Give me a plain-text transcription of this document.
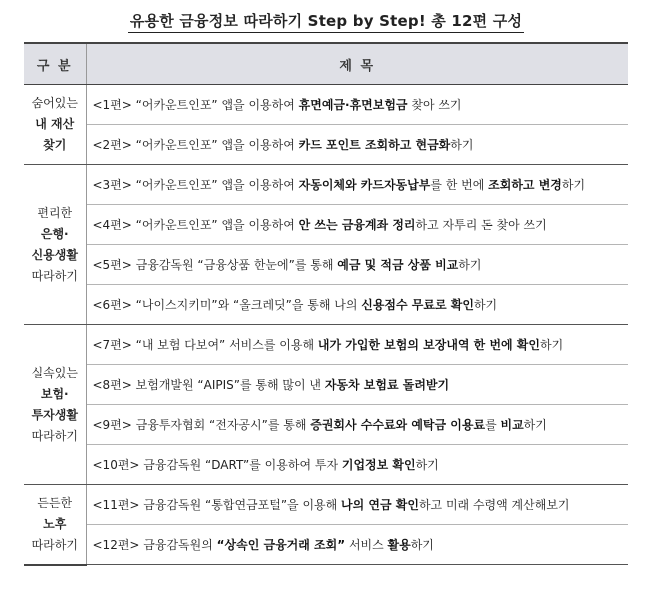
유용한 금융정보 따라하기 Step by Step! 총 12편 구성
구 분	제 목

숨어있는
내 재산
찾기	<1편> “어카운트인포” 앱을 이용하여 휴면예금·휴면보험금 찾아 쓰기
	<2편> “어카운트인포” 앱을 이용하여 카드 포인트 조회하고 현금화하기

편리한
은행·
신용생활
따라하기	<3편> “어카운트인포” 앱을 이용하여 자동이체와 카드자동납부를 한 번에 조회하고 변경하기
	<4편> “어카운트인포” 앱을 이용하여 안 쓰는 금융계좌 정리하고 자투리 돈 찾아 쓰기
	<5편> 금융감독원 “금융상품 한눈에”를 통해 예금 및 적금 상품 비교하기
	<6편> “나이스지키미”와 “올크레딧”을 통해 나의 신용점수 무료로 확인하기

실속있는
보험·
투자생활
따라하기	<7편> “내 보험 다보여” 서비스를 이용해 내가 가입한 보험의 보장내역 한 번에 확인하기
	<8편> 보험개발원 “AIPIS”를 통해 많이 낸 자동차 보험료 돌려받기
	<9편> 금융투자협회 “전자공시”를 통해 증권회사 수수료와 예탁금 이용료를 비교하기
	<10편> 금융감독원 “DART”를 이용하여 투자 기업정보 확인하기

든든한
노후
따라하기	<11편> 금융감독원 “통합연금포털”을 이용해 나의 연금 확인하고 미래 수령액 계산해보기
	<12편> 금융감독원의 “상속인 금융거래 조회” 서비스 활용하기
